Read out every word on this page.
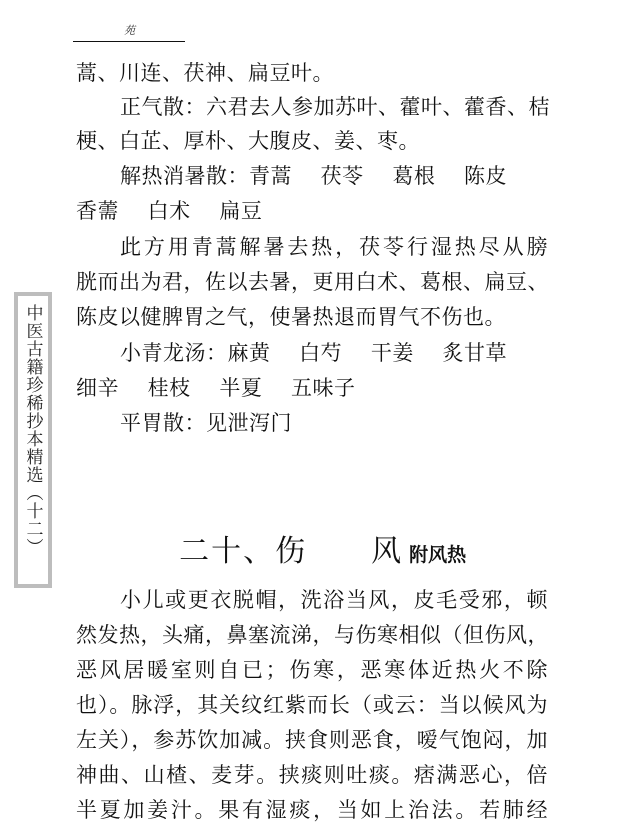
苑
蒿、川连、茯神、扁豆叶。
正气散：六君去人参加苏叶、藿叶、藿香、桔
梗、白芷、厚朴、大腹皮、姜、枣。
解热消暑散：青蒿　 茯苓　 葛根　 陈皮
香薷　 白术　 扁豆
此方用青蒿解暑去热，茯苓行湿热尽从膀
胱而出为君，佐以去暑，更用白术、葛根、扁豆、
陈皮以健脾胃之气，使暑热退而胃气不伤也。
小青龙汤：麻黄　 白芍　 干姜　 炙甘草
细辛　 桂枝　 半夏　 五味子
平胃散：见泄泻门

二十、伤　　风 附风热

小儿或更衣脱帽，洗浴当风，皮毛受邪，顿
然发热，头痛，鼻塞流涕，与伤寒相似（但伤风，
恶风居暖室则自已；伤寒，恶寒体近热火不除
也）。脉浮，其关纹红紫而长（或云：当以候风为
左关），参苏饮加减。挟食则恶食，嗳气饱闷，加
神曲、山楂、麦芽。挟痰则吐痰。痞满恶心，倍
半夏加姜汁。果有湿痰，当如上治法。若肺经
中医古籍珍稀抄本精选（十二）
